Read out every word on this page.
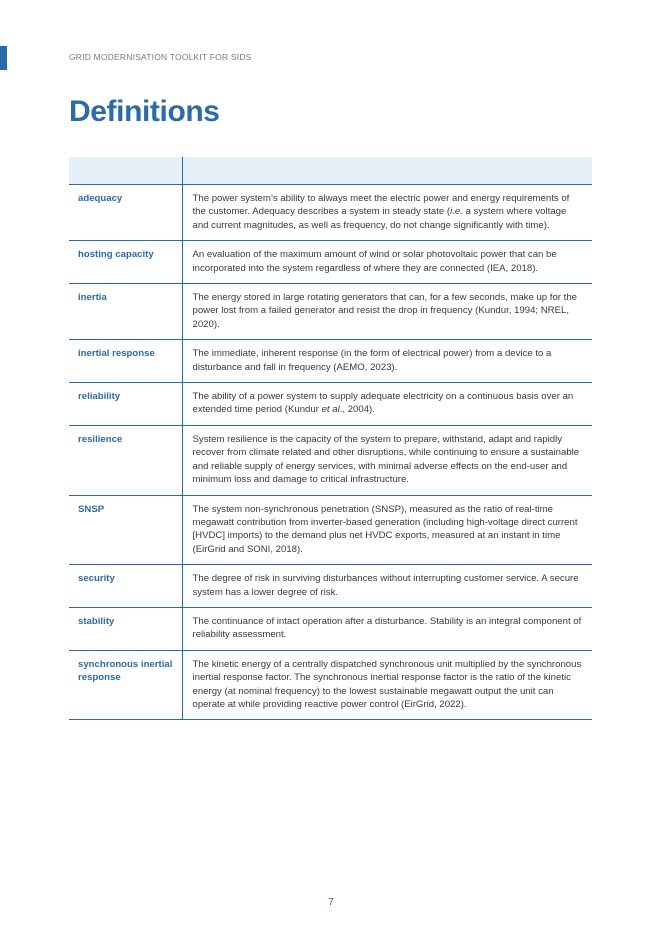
GRID MODERNISATION TOOLKIT FOR SIDS
Definitions

adequacy	The power system’s ability to always meet the electric power and energy requirements of the customer. Adequacy describes a system in steady state (i.e. a system where voltage and current magnitudes, as well as frequency, do not change significantly with time).
hosting capacity	An evaluation of the maximum amount of wind or solar photovoltaic power that can be incorporated into the system regardless of where they are connected (IEA, 2018).
inertia	The energy stored in large rotating generators that can, for a few seconds, make up for the power lost from a failed generator and resist the drop in frequency (Kundur, 1994; NREL, 2020).
inertial response	The immediate, inherent response (in the form of electrical power) from a device to a disturbance and fall in frequency (AEMO, 2023).
reliability	The ability of a power system to supply adequate electricity on a continuous basis over an extended time period (Kundur et al., 2004).
resilience	System resilience is the capacity of the system to prepare, withstand, adapt and rapidly recover from climate related and other disruptions, while continuing to ensure a sustainable and reliable supply of energy services, with minimal adverse effects on the end-user and minimum loss and damage to critical infrastructure.
SNSP	The system non-synchronous penetration (SNSP), measured as the ratio of real-time megawatt contribution from inverter-based generation (including high-voltage direct current [HVDC] imports) to the demand plus net HVDC exports, measured at an instant in time (EirGrid and SONI, 2018).
security	The degree of risk in surviving disturbances without interrupting customer service. A secure system has a lower degree of risk.
stability	The continuance of intact operation after a disturbance. Stability is an integral component of reliability assessment.
synchronous inertial response	The kinetic energy of a centrally dispatched synchronous unit multiplied by the synchronous inertial response factor. The synchronous inertial response factor is the ratio of the kinetic energy (at nominal frequency) to the lowest sustainable megawatt output the unit can operate at while providing reactive power control (EirGrid, 2022).
7
